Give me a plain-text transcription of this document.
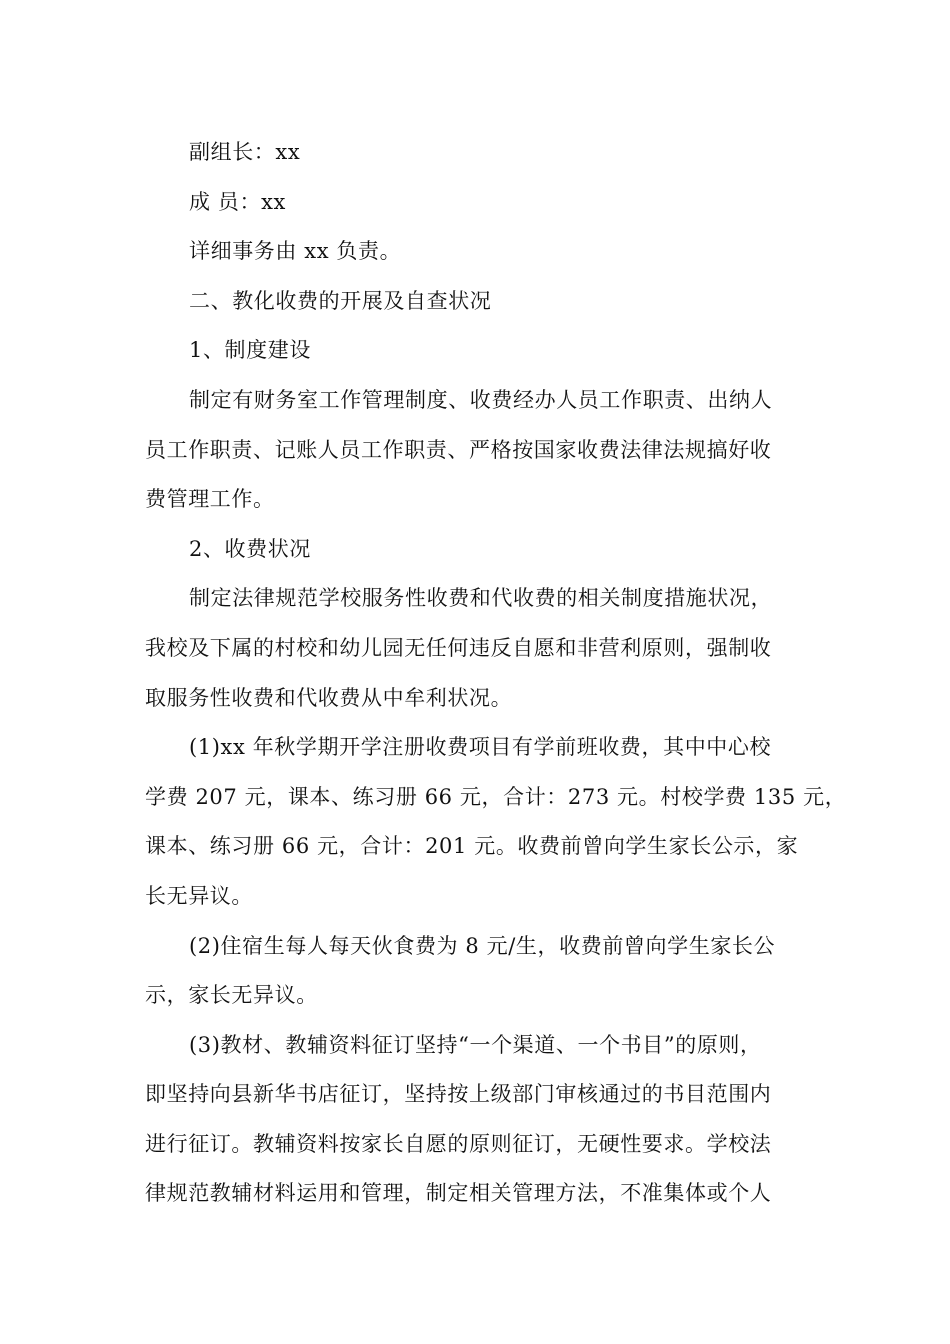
副组长：xx
成 员：xx
详细事务由 xx 负责。
二、教化收费的开展及自查状况
1、制度建设
制定有财务室工作管理制度、收费经办人员工作职责、出纳人
员工作职责、记账人员工作职责、严格按国家收费法律法规搞好收
费管理工作。
2、收费状况
制定法律规范学校服务性收费和代收费的相关制度措施状况，
我校及下属的村校和幼儿园无任何违反自愿和非营利原则，强制收
取服务性收费和代收费从中牟利状况。
(1)xx 年秋学期开学注册收费项目有学前班收费，其中中心校
学费 207 元，课本、练习册 66 元，合计：273 元。村校学费 135 元，
课本、练习册 66 元，合计：201 元。收费前曾向学生家长公示，家
长无异议。
(2)住宿生每人每天伙食费为 8 元/生，收费前曾向学生家长公
示，家长无异议。
(3)教材、教辅资料征订坚持“一个渠道、一个书目”的原则，
即坚持向县新华书店征订，坚持按上级部门审核通过的书目范围内
进行征订。教辅资料按家长自愿的原则征订，无硬性要求。学校法
律规范教辅材料运用和管理，制定相关管理方法，不准集体或个人
